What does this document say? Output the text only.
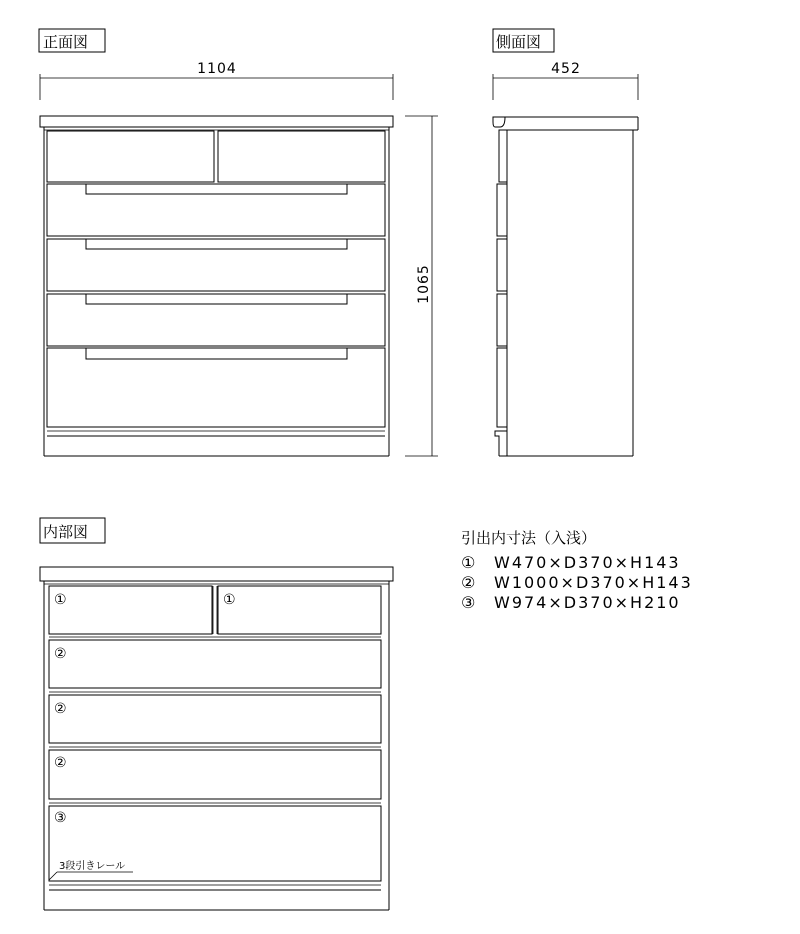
正面図
1104
1065
側面図
452
内部図
①	①
②
②
②
③
3段引きレール
引出内寸法（入浅）
① W470×D370×H143
② W1000×D370×H143
③ W974×D370×H210
